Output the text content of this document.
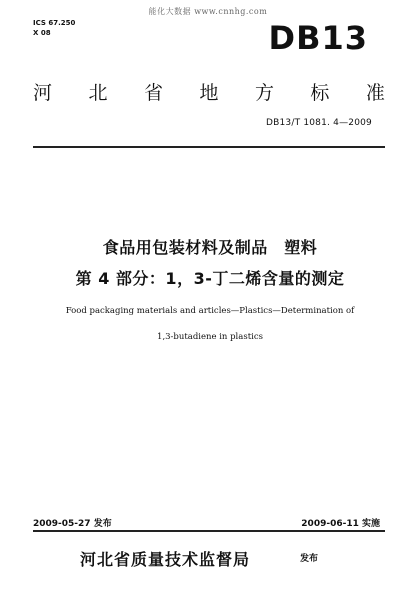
能化大数据 www.cnnhg.com
ICS 67.250
X 08	DB13
河 北 省 地 方 标 准
DB13/T 1081. 4—2009
食品用包装材料及制品　塑料
第 4 部分：1，3-丁二烯含量的测定
Food packaging materials and articles—Plastics—Determination of
1,3-butadiene in plastics
2009-05-27 发布	2009-06-11 实施
河北省质量技术监督局	发布
